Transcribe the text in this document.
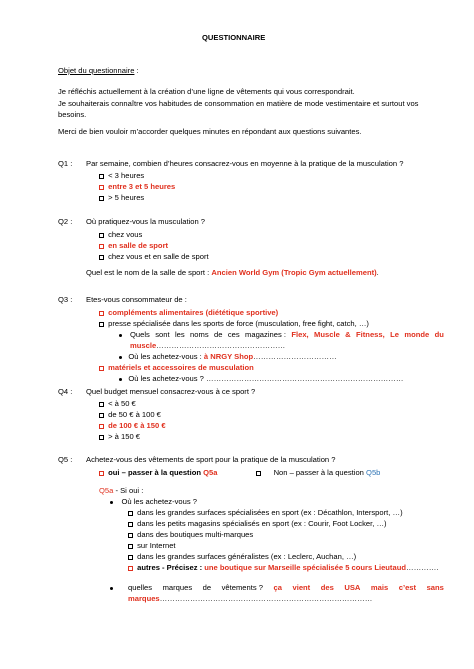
QUESTIONNAIRE
Objet du questionnaire :
Je réfléchis actuellement à la création d’une ligne de vêtements qui vous correspondrait.
Je souhaiterais connaître vos habitudes de consommation en matière de mode vestimentaire et surtout vos
besoins.
Merci de bien vouloir m’accorder quelques minutes en répondant aux questions suivantes.
Q1 : Par semaine, combien d’heures consacrez-vous en moyenne à la pratique de la musculation ?
< 3 heures
entre 3 et 5 heures
> 5 heures
Q2 : Où pratiquez-vous la musculation ?
chez vous
en salle de sport
chez vous et en salle de sport
Quel est le nom de la salle de sport : Ancien World Gym (Tropic Gym actuellement).
Q3 : Etes-vous consommateur de :
compléments alimentaires (diététique sportive)
presse spécialisée dans les sports de force (musculation, free fight, catch, …)
Quels sont les noms de ces magazines : Flex, Muscle & Fitness, Le monde du
muscle……………………………………………
Où les achetez-vous : à NRGY Shop……………………………
matériels et accessoires de musculation
Où les achetez-vous ? ……………………………………………………………………
Q4 : Quel budget mensuel consacrez-vous à ce sport ?
< à 50 €
de 50 € à 100 €
de 100 € à 150 €
> à 150 €
Q5 : Achetez-vous des vêtements de sport pour la pratique de la musculation ?
oui – passer à la question Q5a	Non – passer à la question Q5b
Q5a - Si oui :
Où les achetez-vous ?
dans les grandes surfaces spécialisées en sport (ex : Décathlon, Intersport, …)
dans les petits magasins spécialisés en sport (ex : Courir, Foot Locker, …)
dans des boutiques multi-marques
sur Internet
dans les grandes surfaces généralistes (ex : Leclerc, Auchan, …)
autres - Précisez : une boutique sur Marseille spécialisée 5 cours Lieutaud………….
quelles marques de vêtements ? ça vient des USA mais c’est sans
marques…………………………………………………………………………
